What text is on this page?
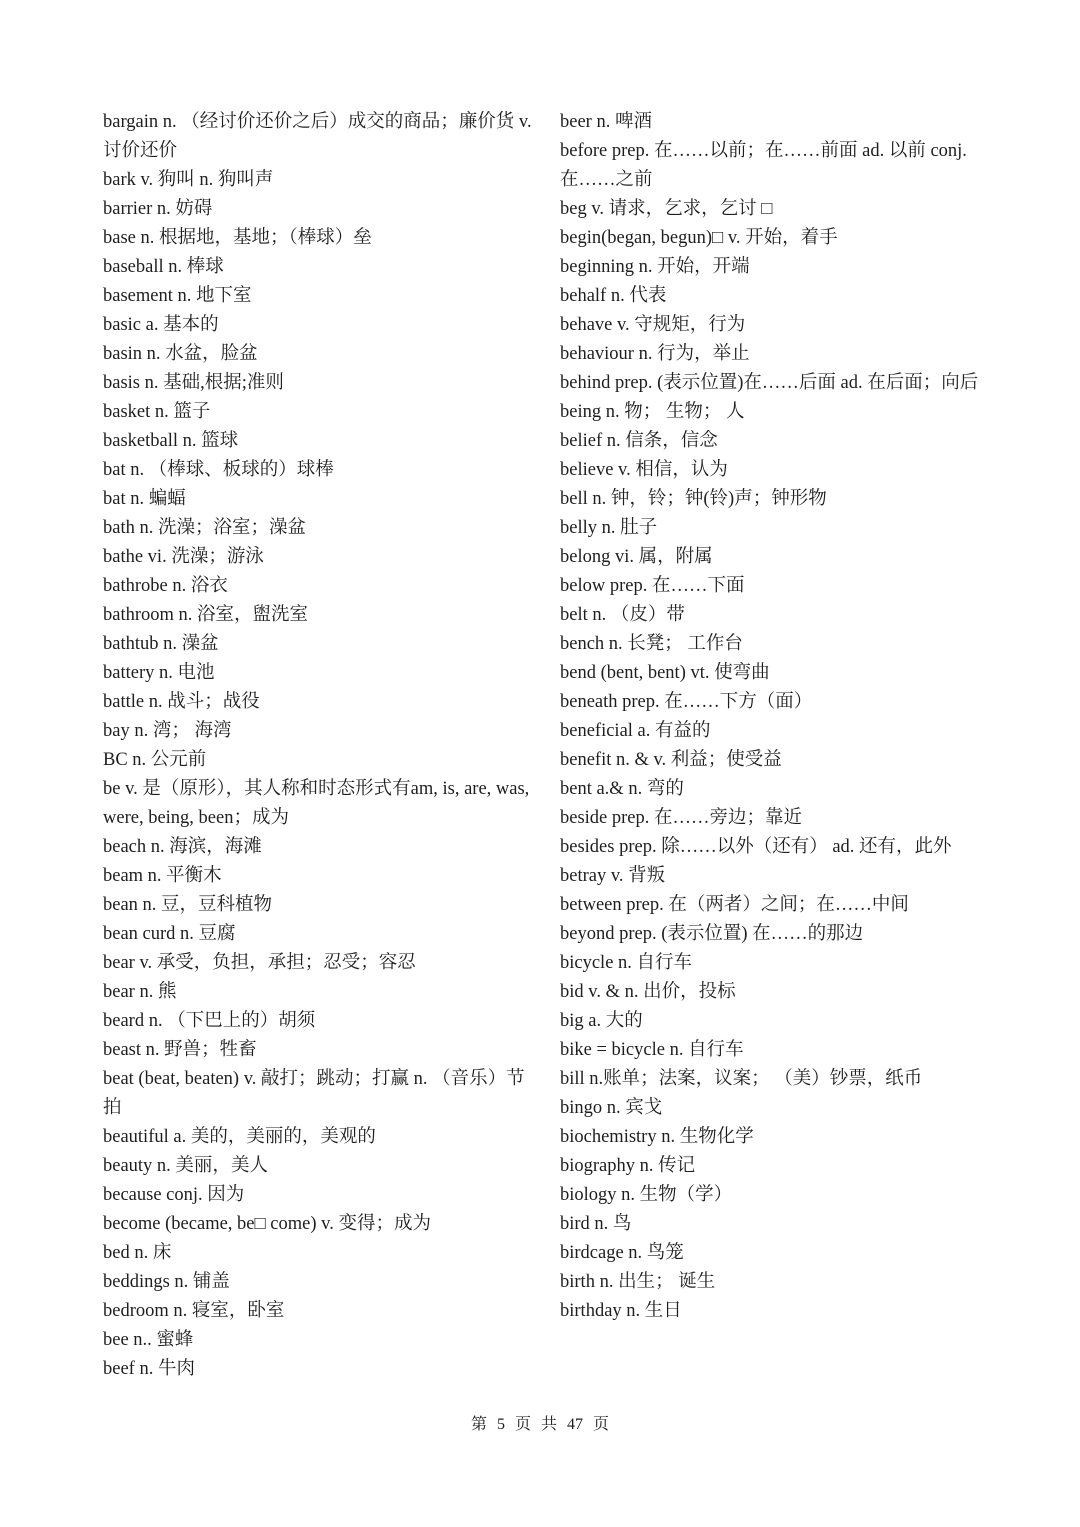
bargain n. （经讨价还价之后）成交的商品；廉价货 v. 讨价还价

bark v. 狗叫 n. 狗叫声

barrier n. 妨碍

base n. 根据地，基地；（棒球）垒

baseball n. 棒球

basement n. 地下室

basic a. 基本的

basin n. 水盆，脸盆

basis n. 基础,根据;准则

basket n. 篮子

basketball n. 篮球

bat n. （棒球、板球的）球棒

bat n. 蝙蝠

bath n. 洗澡；浴室；澡盆

bathe vi. 洗澡；游泳

bathrobe n. 浴衣

bathroom n. 浴室，盥洗室

bathtub n. 澡盆

battery n. 电池

battle n. 战斗；战役

bay n. 湾； 海湾

BC n. 公元前

be v. 是（原形），其人称和时态形式有am, is, are, was, were, being, been；成为

beach n. 海滨，海滩

beam n. 平衡木

bean n. 豆，豆科植物

bean curd n. 豆腐

bear v. 承受，负担，承担；忍受；容忍

bear n. 熊

beard n. （下巴上的）胡须

beast n. 野兽；牲畜

beat (beat, beaten) v. 敲打；跳动；打赢 n. （音乐）节拍

beautiful a. 美的，美丽的，美观的

beauty n. 美丽，美人

because conj. 因为

become (became, be□ come) v. 变得；成为

bed n. 床

beddings n. 铺盖

bedroom n. 寝室，卧室

bee n.. 蜜蜂

beef n. 牛肉

beer n. 啤酒

before prep. 在……以前；在……前面 ad. 以前 conj. 在……之前

beg v. 请求，乞求，乞讨 □

begin(began, begun)□ v. 开始，着手

beginning n. 开始，开端

behalf n. 代表

behave v. 守规矩，行为

behaviour n. 行为，举止

behind prep. (表示位置)在……后面 ad. 在后面；向后

being n. 物； 生物； 人

belief n. 信条，信念

believe v. 相信，认为

bell n. 钟，铃；钟(铃)声；钟形物

belly n. 肚子

belong vi. 属，附属

below prep. 在……下面

belt n. （皮）带

bench n. 长凳； 工作台

bend (bent, bent) vt. 使弯曲

beneath prep. 在……下方（面）

beneficial a. 有益的

benefit n. & v. 利益；使受益

bent a.& n. 弯的

beside prep. 在……旁边；靠近

besides prep. 除……以外（还有） ad. 还有，此外

betray v. 背叛

between prep. 在（两者）之间；在……中间

beyond prep. (表示位置) 在……的那边

bicycle n. 自行车

bid v. & n. 出价，投标

big a. 大的

bike = bicycle n. 自行车

bill n.账单；法案，议案； （美）钞票，纸币

bingo n. 宾戈

biochemistry n. 生物化学

biography n. 传记

biology n. 生物（学）

bird n. 鸟

birdcage n. 鸟笼

birth n. 出生； 诞生

birthday n. 生日

第 5 页 共 47 页
